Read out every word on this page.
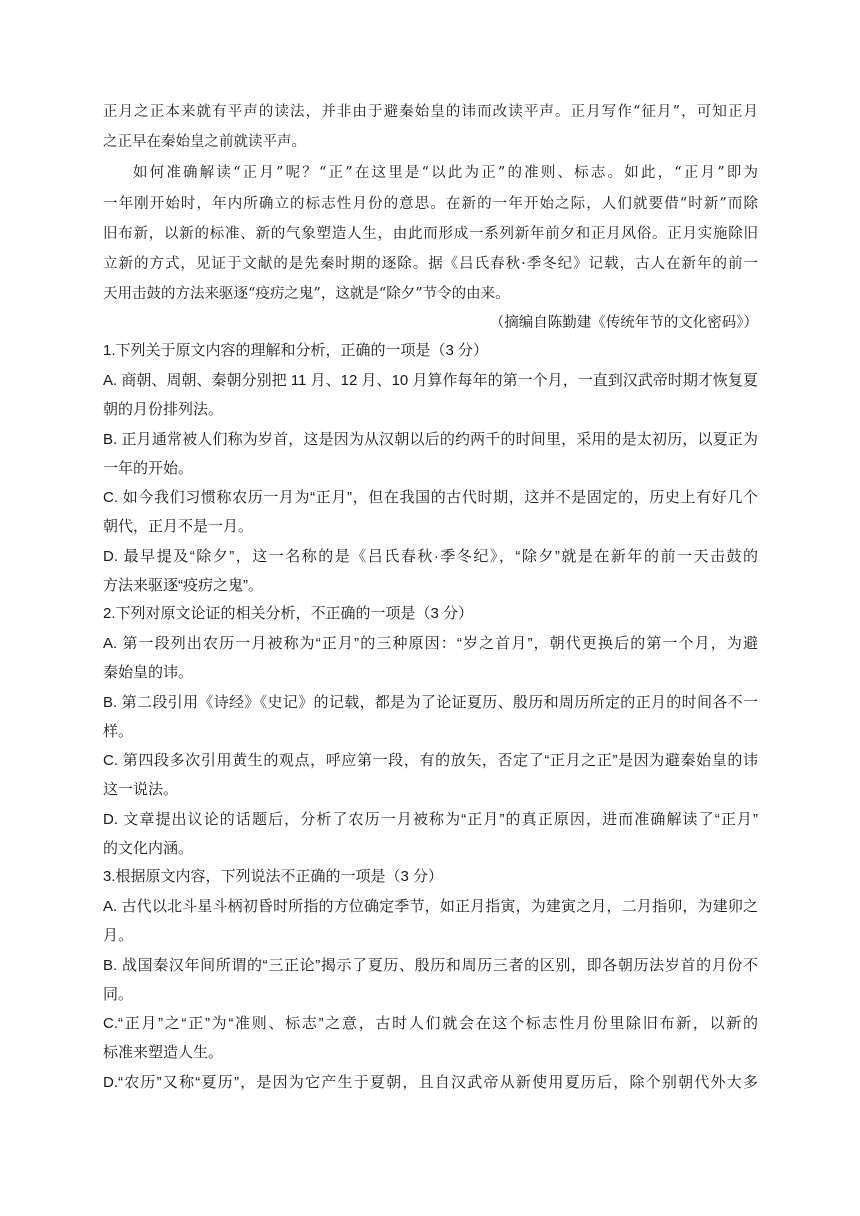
正月之正本来就有平声的读法，并非由于避秦始皇的讳而改读平声。正月写作“征月”，可知正月
之正早在秦始皇之前就读平声。
如何准确解读“正月”呢？“正”在这里是“以此为正”的准则、标志。如此，“正月”即为
一年刚开始时，年内所确立的标志性月份的意思。在新的一年开始之际，人们就要借“时新”而除
旧布新，以新的标准、新的气象塑造人生，由此而形成一系列新年前夕和正月风俗。正月实施除旧
立新的方式，见证于文献的是先秦时期的逐除。据《吕氏春秋·季冬纪》记载，古人在新年的前一
天用击鼓的方法来驱逐“疫疠之鬼”，这就是“除夕”节令的由来。
（摘编自陈勤建《传统年节的文化密码》）
1.下列关于原文内容的理解和分析，正确的一项是（3 分）
A. 商朝、周朝、秦朝分别把 11 月、12 月、10 月算作每年的第一个月，一直到汉武帝时期才恢复夏
朝的月份排列法。
B. 正月通常被人们称为岁首，这是因为从汉朝以后的约两千的时间里，采用的是太初历，以夏正为
一年的开始。
C. 如今我们习惯称农历一月为“正月”，但在我国的古代时期，这并不是固定的，历史上有好几个
朝代，正月不是一月。
D. 最早提及“除夕”，这一名称的是《吕氏春秋·季冬纪》，“除夕”就是在新年的前一天击鼓的
方法来驱逐“疫疠之鬼”。
2.下列对原文论证的相关分析，不正确的一项是（3 分）
A. 第一段列出农历一月被称为“正月”的三种原因：“岁之首月”，朝代更换后的第一个月，为避
秦始皇的讳。
B. 第二段引用《诗经》《史记》的记载，都是为了论证夏历、殷历和周历所定的正月的时间各不一
样。
C. 第四段多次引用黄生的观点，呼应第一段，有的放矢，否定了“正月之正”是因为避秦始皇的讳
这一说法。
D. 文章提出议论的话题后，分析了农历一月被称为“正月”的真正原因，进而准确解读了“正月”
的文化内涵。
3.根据原文内容，下列说法不正确的一项是（3 分）
A. 古代以北斗星斗柄初昏时所指的方位确定季节，如正月指寅，为建寅之月，二月指卯，为建卯之
月。
B. 战国秦汉年间所谓的“三正论”揭示了夏历、殷历和周历三者的区别，即各朝历法岁首的月份不
同。
C.“正月”之“正”为“准则、标志”之意，古时人们就会在这个标志性月份里除旧布新，以新的
标准来塑造人生。
D.“农历”又称“夏历”，是因为它产生于夏朝，且自汉武帝从新使用夏历后，除个别朝代外大多
